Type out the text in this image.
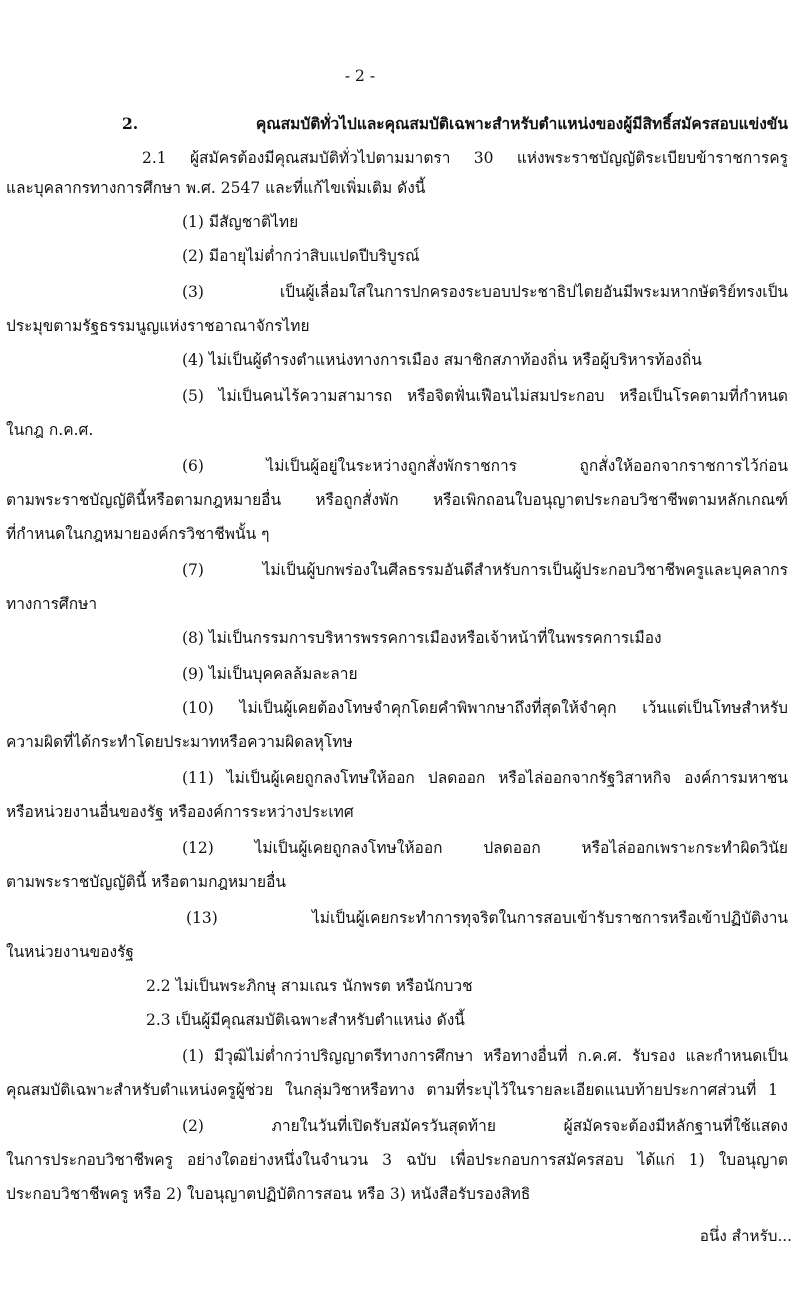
- 2 -
2. คุณสมบัติทั่วไปและคุณสมบัติเฉพาะสำหรับตำแหน่งของผู้มีสิทธิ์สมัครสอบแข่งขัน
2.1 ผู้สมัครต้องมีคุณสมบัติทั่วไปตามมาตรา 30 แห่งพระราชบัญญัติระเบียบข้าราชการครู
และบุคลากรทางการศึกษา พ.ศ. 2547 และที่แก้ไขเพิ่มเติม ดังนี้
(1) มีสัญชาติไทย
(2) มีอายุไม่ต่ำกว่าสิบแปดปีบริบูรณ์
(3) เป็นผู้เลื่อมใสในการปกครองระบอบประชาธิปไตยอันมีพระมหากษัตริย์ทรงเป็น
ประมุขตามรัฐธรรมนูญแห่งราชอาณาจักรไทย
(4) ไม่เป็นผู้ดำรงตำแหน่งทางการเมือง สมาชิกสภาท้องถิ่น หรือผู้บริหารท้องถิ่น
(5) ไม่เป็นคนไร้ความสามารถ หรือจิตฟั่นเฟือนไม่สมประกอบ หรือเป็นโรคตามที่กำหนด
ในกฎ ก.ค.ศ.
(6) ไม่เป็นผู้อยู่ในระหว่างถูกสั่งพักราชการ ถูกสั่งให้ออกจากราชการไว้ก่อน
ตามพระราชบัญญัตินี้หรือตามกฎหมายอื่น หรือถูกสั่งพัก หรือเพิกถอนใบอนุญาตประกอบวิชาชีพตามหลักเกณฑ์
ที่กำหนดในกฎหมายองค์กรวิชาชีพนั้น ๆ
(7) ไม่เป็นผู้บกพร่องในศีลธรรมอันดีสำหรับการเป็นผู้ประกอบวิชาชีพครูและบุคลากร
ทางการศึกษา
(8) ไม่เป็นกรรมการบริหารพรรคการเมืองหรือเจ้าหน้าที่ในพรรคการเมือง
(9) ไม่เป็นบุคคลล้มละลาย
(10) ไม่เป็นผู้เคยต้องโทษจำคุกโดยคำพิพากษาถึงที่สุดให้จำคุก เว้นแต่เป็นโทษสำหรับ
ความผิดที่ได้กระทำโดยประมาทหรือความผิดลหุโทษ
(11) ไม่เป็นผู้เคยถูกลงโทษให้ออก ปลดออก หรือไล่ออกจากรัฐวิสาหกิจ องค์การมหาชน
หรือหน่วยงานอื่นของรัฐ หรือองค์การระหว่างประเทศ
(12) ไม่เป็นผู้เคยถูกลงโทษให้ออก ปลดออก หรือไล่ออกเพราะกระทำผิดวินัย
ตามพระราชบัญญัตินี้ หรือตามกฎหมายอื่น
(13) ไม่เป็นผู้เคยกระทำการทุจริตในการสอบเข้ารับราชการหรือเข้าปฏิบัติงาน
ในหน่วยงานของรัฐ
2.2 ไม่เป็นพระภิกษุ สามเณร นักพรต หรือนักบวช
2.3 เป็นผู้มีคุณสมบัติเฉพาะสำหรับตำแหน่ง ดังนี้
(1) มีวุฒิไม่ต่ำกว่าปริญญาตรีทางการศึกษา หรือทางอื่นที่ ก.ค.ศ. รับรอง และกำหนดเป็น
คุณสมบัติเฉพาะสำหรับตำแหน่งครูผู้ช่วย ในกลุ่มวิชาหรือทาง ตามที่ระบุไว้ในรายละเอียดแนบท้ายประกาศส่วนที่ 1
(2) ภายในวันที่เปิดรับสมัครวันสุดท้าย ผู้สมัครจะต้องมีหลักฐานที่ใช้แสดง
ในการประกอบวิชาชีพครู อย่างใดอย่างหนึ่งในจำนวน 3 ฉบับ เพื่อประกอบการสมัครสอบ ได้แก่ 1) ใบอนุญาต
ประกอบวิชาชีพครู หรือ 2) ใบอนุญาตปฏิบัติการสอน หรือ 3) หนังสือรับรองสิทธิ
อนึ่ง สำหรับ...
